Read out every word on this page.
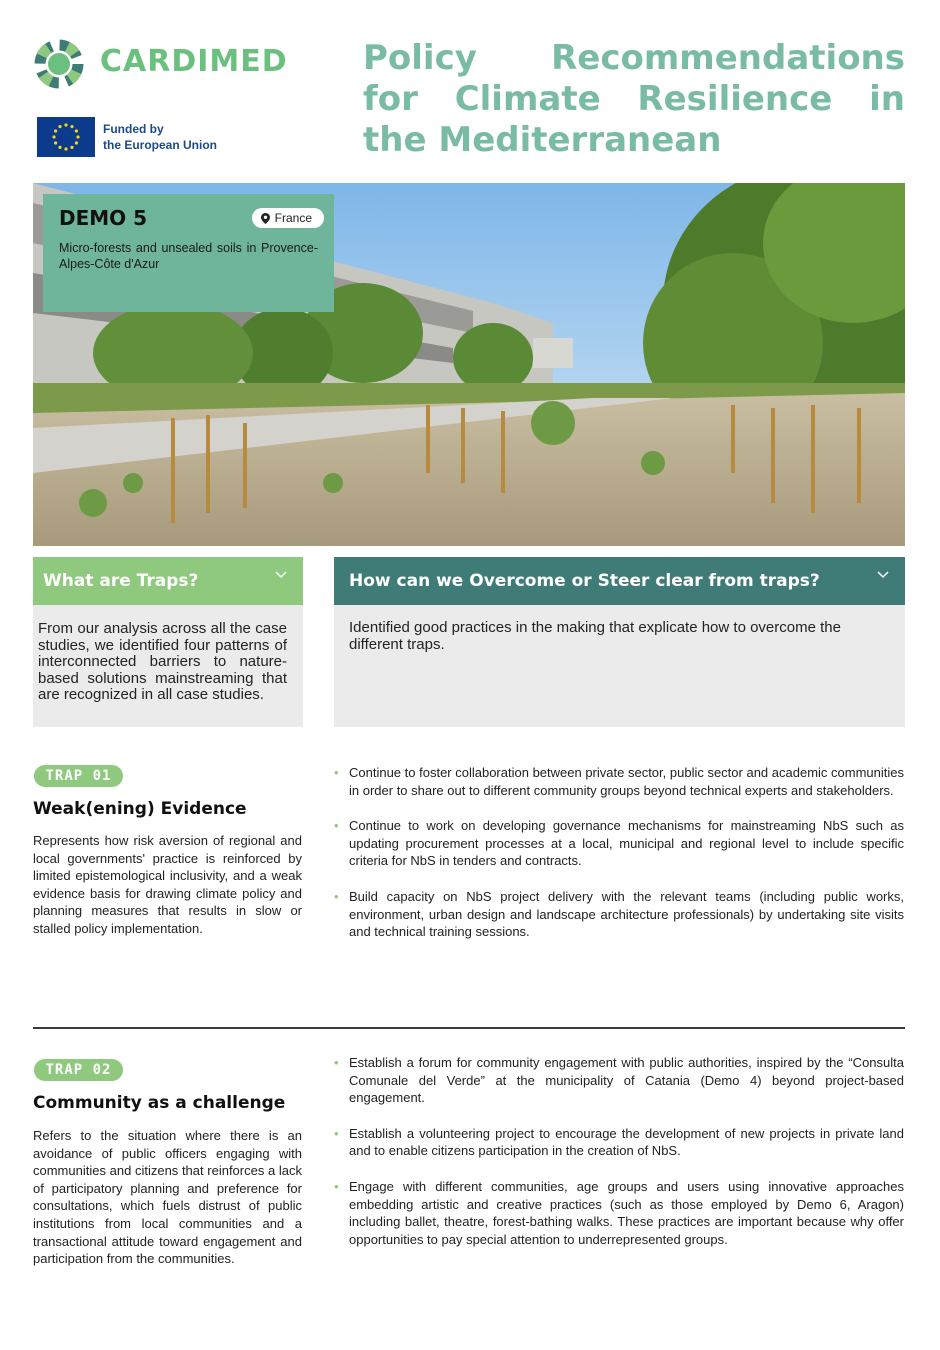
CARDIMED
Funded by
the European Union
Policy Recommendations for Climate Resilience in the Mediterranean
DEMO 5	France
Micro-forests and unsealed soils in Provence-Alpes-Côte d'Azur
What are Traps?	How can we Overcome or Steer clear from traps?
From our analysis across all the case studies, we identified four patterns of interconnected barriers to nature-based solutions mainstreaming that are recognized in all case studies.
Identified good practices in the making that explicate how to overcome the different traps.
TRAP 01
Weak(ening) Evidence
Represents how risk aversion of regional and local governments' practice is reinforced by limited epistemological inclusivity, and a weak evidence basis for drawing climate policy and planning measures that results in slow or stalled policy implementation.
• Continue to foster collaboration between private sector, public sector and academic communities in order to share out to different community groups beyond technical experts and stakeholders.
• Continue to work on developing governance mechanisms for mainstreaming NbS such as updating procurement processes at a local, municipal and regional level to include specific criteria for NbS in tenders and contracts.
• Build capacity on NbS project delivery with the relevant teams (including public works, environment, urban design and landscape architecture professionals) by undertaking site visits and technical training sessions.
TRAP 02
Community as a challenge
Refers to the situation where there is an avoidance of public officers engaging with communities and citizens that reinforces a lack of participatory planning and preference for consultations, which fuels distrust of public institutions from local communities and a transactional attitude toward engagement and participation from the communities.
• Establish a forum for community engagement with public authorities, inspired by the “Consulta Comunale del Verde” at the municipality of Catania (Demo 4) beyond project-based engagement.
• Establish a volunteering project to encourage the development of new projects in private land and to enable citizens participation in the creation of NbS.
• Engage with different communities, age groups and users using innovative approaches embedding artistic and creative practices (such as those employed by Demo 6, Aragon) including ballet, theatre, forest-bathing walks. These practices are important because why offer opportunities to pay special attention to underrepresented groups.
